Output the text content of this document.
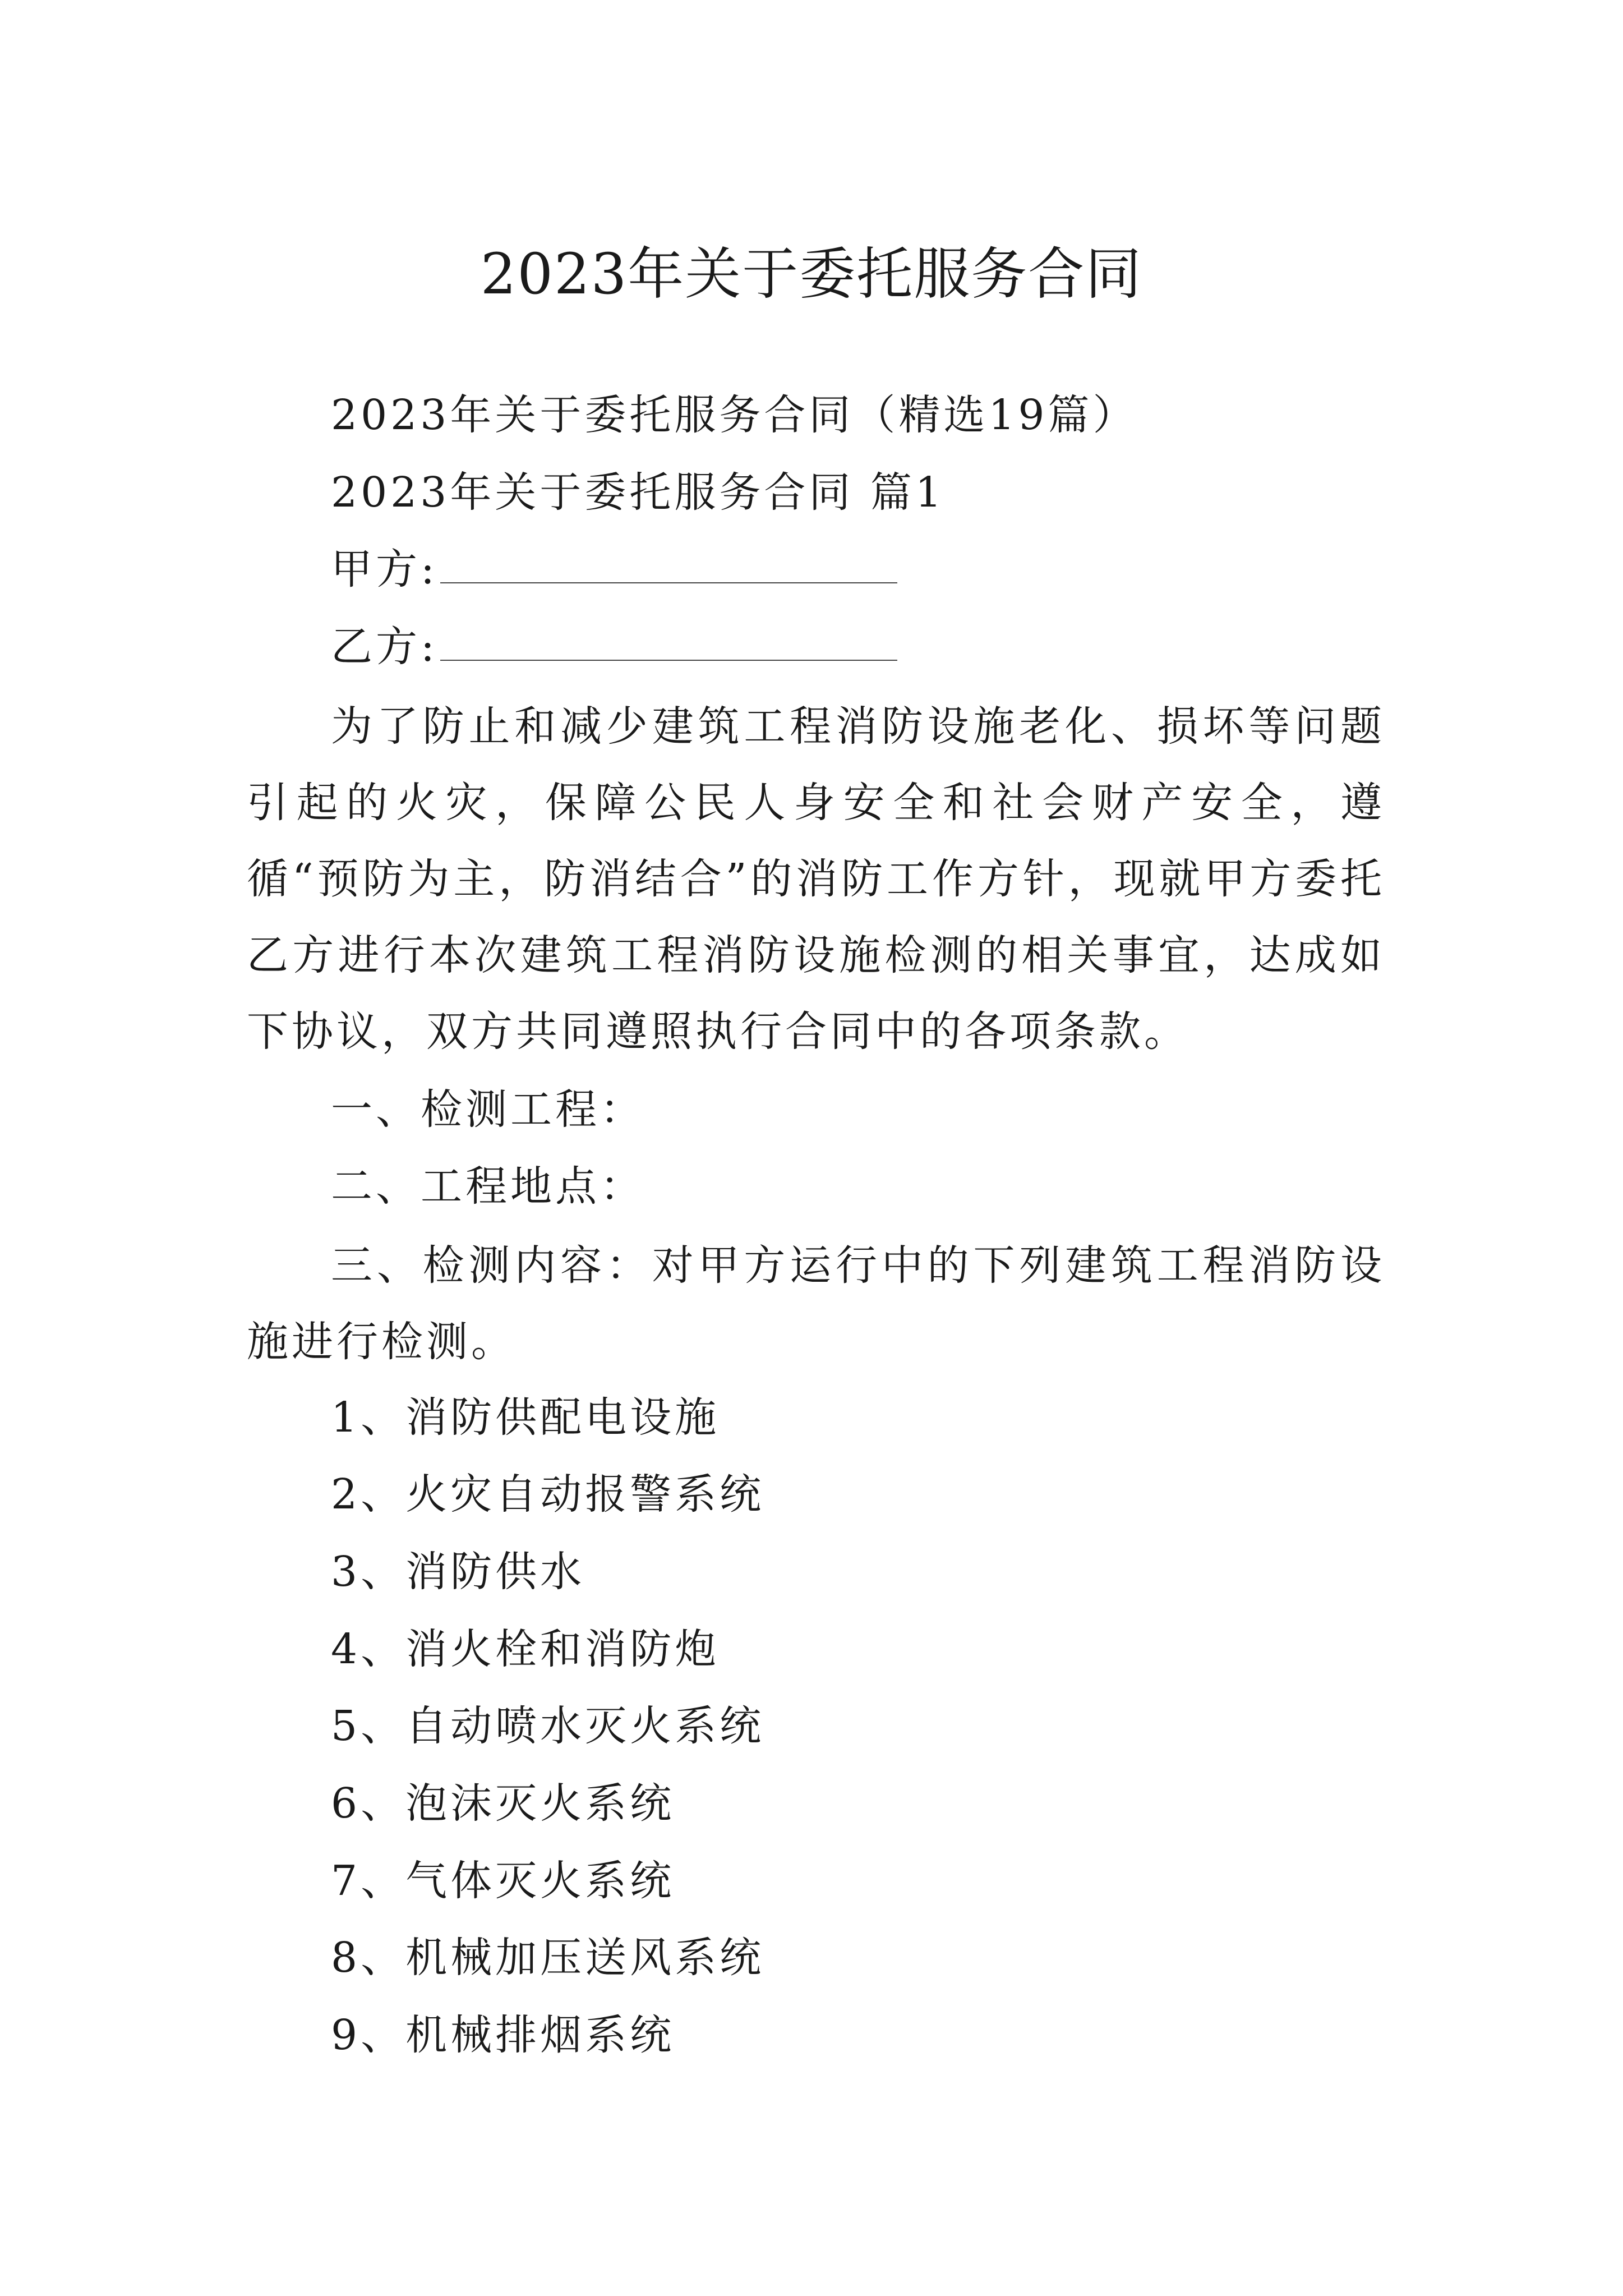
2023年关于委托服务合同
2023年关于委托服务合同（精选19篇）
2023年关于委托服务合同 篇1
甲方:
乙方:

为了防止和减少建筑工程消防设施老化、损坏等问题引起的火灾，保障公民人身安全和社会财产安全，遵循“预防为主，防消结合”的消防工作方针，现就甲方委托乙方进行本次建筑工程消防设施检测的相关事宜，达成如下协议，双方共同遵照执行合同中的各项条款。

一、检测工程：
二、工程地点：

三、检测内容：对甲方运行中的下列建筑工程消防设施进行检测。

1、消防供配电设施
2、火灾自动报警系统
3、消防供水
4、消火栓和消防炮
5、自动喷水灭火系统
6、泡沫灭火系统
7、气体灭火系统
8、机械加压送风系统
9、机械排烟系统
